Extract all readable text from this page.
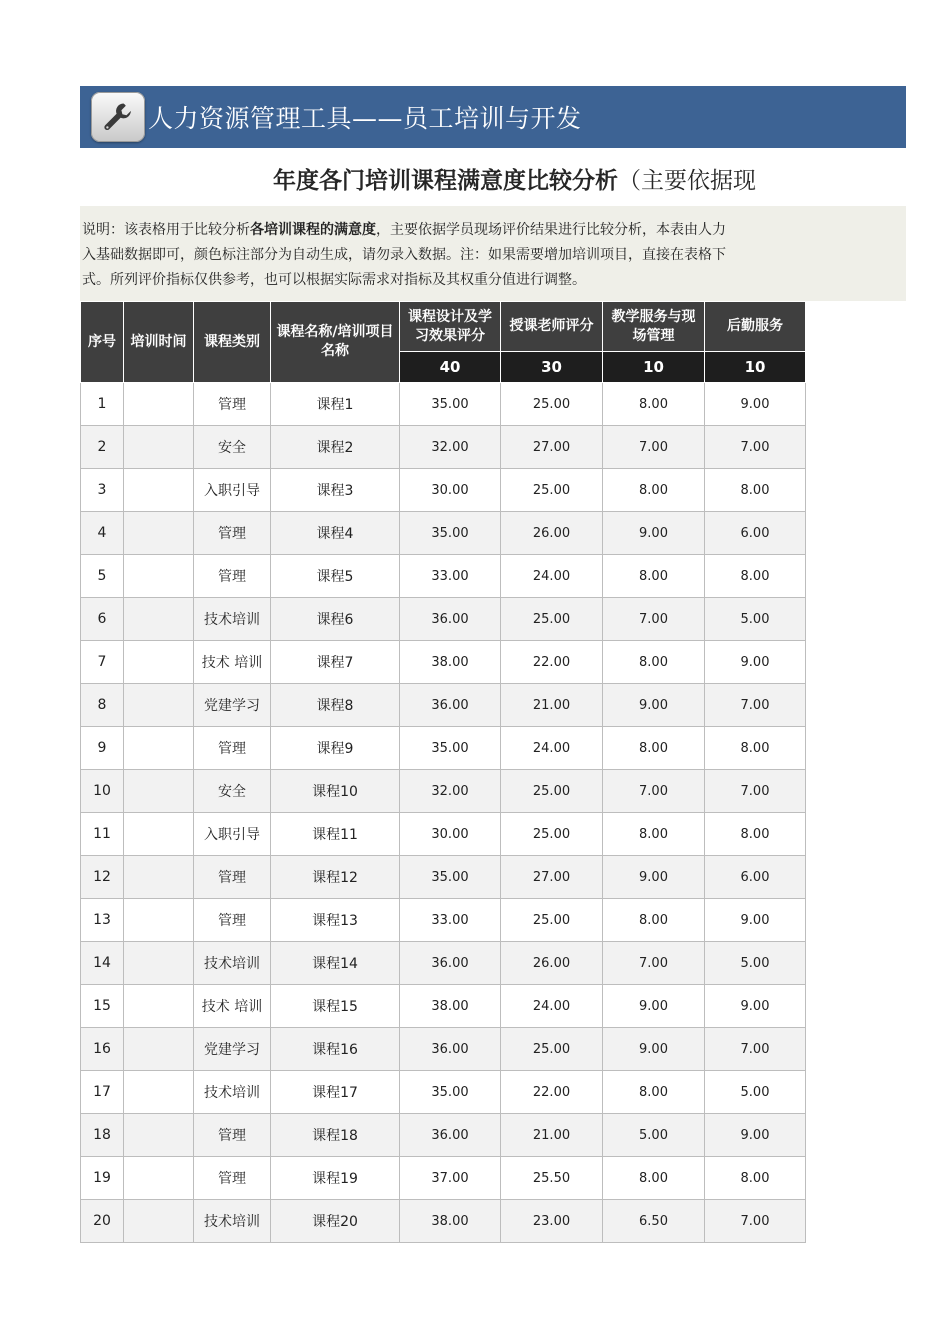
人力资源管理工具——员工培训与开发
年度各门培训课程满意度比较分析（主要依据现
说明：该表格用于比较分析各培训课程的满意度，主要依据学员现场评价结果进行比较分析，本表由人力
入基础数据即可，颜色标注部分为自动生成，请勿录入数据。注：如果需要增加培训项目，直接在表格下
式。所列评价指标仅供参考，也可以根据实际需求对指标及其权重分值进行调整。
序号	培训时间	课程类别	课程名称/培训项目名称	课程设计及学习效果评分	授课老师评分	教学服务与现场管理	后勤服务
				40	30	10	10
1		管理	课程1	35.00	25.00	8.00	9.00
2		安全	课程2	32.00	27.00	7.00	7.00
3		入职引导	课程3	30.00	25.00	8.00	8.00
4		管理	课程4	35.00	26.00	9.00	6.00
5		管理	课程5	33.00	24.00	8.00	8.00
6		技术培训	课程6	36.00	25.00	7.00	5.00
7		技术 培训	课程7	38.00	22.00	8.00	9.00
8		党建学习	课程8	36.00	21.00	9.00	7.00
9		管理	课程9	35.00	24.00	8.00	8.00
10		安全	课程10	32.00	25.00	7.00	7.00
11		入职引导	课程11	30.00	25.00	8.00	8.00
12		管理	课程12	35.00	27.00	9.00	6.00
13		管理	课程13	33.00	25.00	8.00	9.00
14		技术培训	课程14	36.00	26.00	7.00	5.00
15		技术 培训	课程15	38.00	24.00	9.00	9.00
16		党建学习	课程16	36.00	25.00	9.00	7.00
17		技术培训	课程17	35.00	22.00	8.00	5.00
18		管理	课程18	36.00	21.00	5.00	9.00
19		管理	课程19	37.00	25.50	8.00	8.00
20		技术培训	课程20	38.00	23.00	6.50	7.00
